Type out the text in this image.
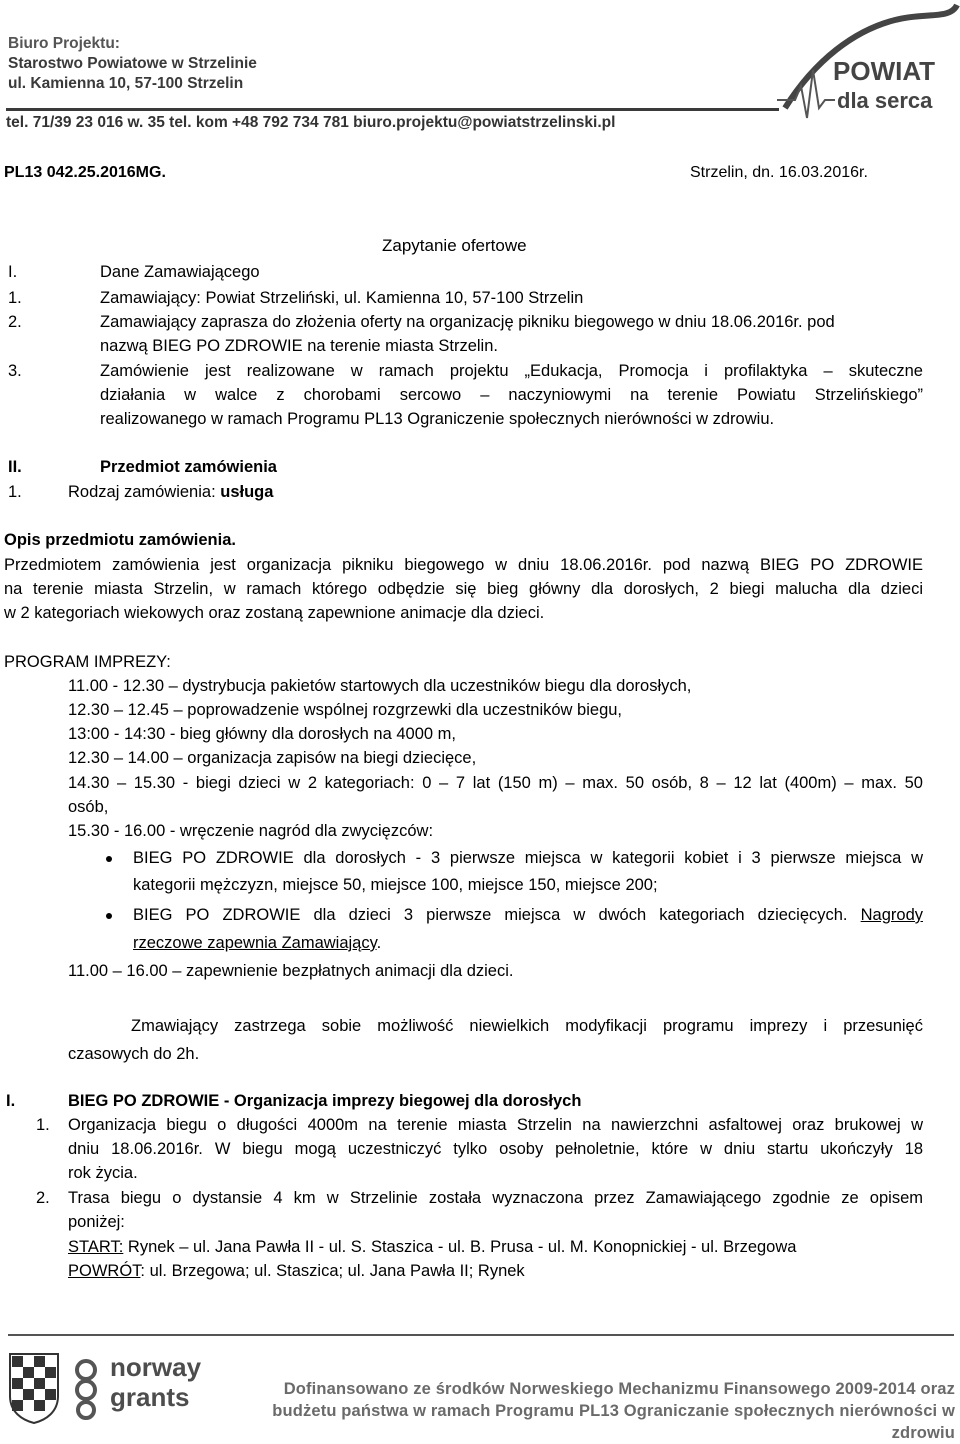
Biuro Projektu:
Starostwo Powiatowe w Strzelinie
ul. Kamienna 10, 57-100 Strzelin
tel. 71/39 23 016 w. 35 tel. kom +48 792 734 781 biuro.projektu@powiatstrzelinski.pl
POWIAT
dla serca
PL13 042.25.2016MG.	Strzelin, dn. 16.03.2016r.
Zapytanie ofertowe
I.	Dane Zamawiającego
1.	Zamawiający: Powiat Strzeliński, ul. Kamienna 10, 57-100 Strzelin
2.	Zamawiający zaprasza do złożenia oferty na organizację pikniku biegowego w dniu 18.06.2016r. pod
nazwą BIEG PO ZDROWIE na terenie miasta Strzelin.
3.	Zamówienie jest realizowane w ramach projektu „Edukacja, Promocja i profilaktyka – skuteczne
działania w walce z chorobami sercowo – naczyniowymi na terenie Powiatu Strzelińskiego”
realizowanego w ramach Programu PL13 Ograniczenie społecznych nierówności w zdrowiu.
II.	Przedmiot zamówienia
1.	Rodzaj zamówienia: usługa
Opis przedmiotu zamówienia.
Przedmiotem zamówienia jest organizacja pikniku biegowego w dniu 18.06.2016r. pod nazwą BIEG PO ZDROWIE
na terenie miasta Strzelin, w ramach którego odbędzie się bieg główny dla dorosłych, 2 biegi malucha dla dzieci
w 2 kategoriach wiekowych oraz zostaną zapewnione animacje dla dzieci.
PROGRAM IMPREZY:
11.00 - 12.30 – dystrybucja pakietów startowych dla uczestników biegu dla dorosłych,
12.30 – 12.45 – poprowadzenie wspólnej rozgrzewki dla uczestników biegu,
13:00 - 14:30 - bieg główny dla dorosłych na 4000 m,
12.30 – 14.00 – organizacja zapisów na biegi dziecięce,
14.30 – 15.30 - biegi dzieci w 2 kategoriach: 0 – 7 lat (150 m) – max. 50 osób, 8 – 12 lat (400m) – max. 50
osób,
15.30 - 16.00 - wręczenie nagród dla zwycięzców:
BIEG PO ZDROWIE dla dorosłych - 3 pierwsze miejsca w kategorii kobiet i 3 pierwsze miejsca w
kategorii mężczyzn, miejsce 50, miejsce 100, miejsce 150, miejsce 200;
BIEG PO ZDROWIE dla dzieci 3 pierwsze miejsca w dwóch kategoriach dziecięcych. Nagrody
rzeczowe zapewnia Zamawiający.
11.00 – 16.00 – zapewnienie bezpłatnych animacji dla dzieci.
Zmawiający zastrzega sobie możliwość niewielkich modyfikacji programu imprezy i przesunięć
czasowych do 2h.
I.	BIEG PO ZDROWIE - Organizacja imprezy biegowej dla dorosłych
1. Organizacja biegu o długości 4000m na terenie miasta Strzelin na nawierzchni asfaltowej oraz brukowej w
dniu 18.06.2016r. W biegu mogą uczestniczyć tylko osoby pełnoletnie, które w dniu startu ukończyły 18
rok życia.
2. Trasa biegu o dystansie 4 km w Strzelinie została wyznaczona przez Zamawiającego zgodnie ze opisem
poniżej:
START: Rynek – ul. Jana Pawła II - ul. S. Staszica - ul. B. Prusa - ul. M. Konopnickiej - ul. Brzegowa
POWRÓT: ul. Brzegowa; ul. Staszica; ul. Jana Pawła II; Rynek
norway
grants	Dofinansowano ze środków Norweskiego Mechanizmu Finansowego 2009-2014 oraz
budżetu państwa w ramach Programu PL13 Ograniczanie społecznych nierówności w zdrowiu
